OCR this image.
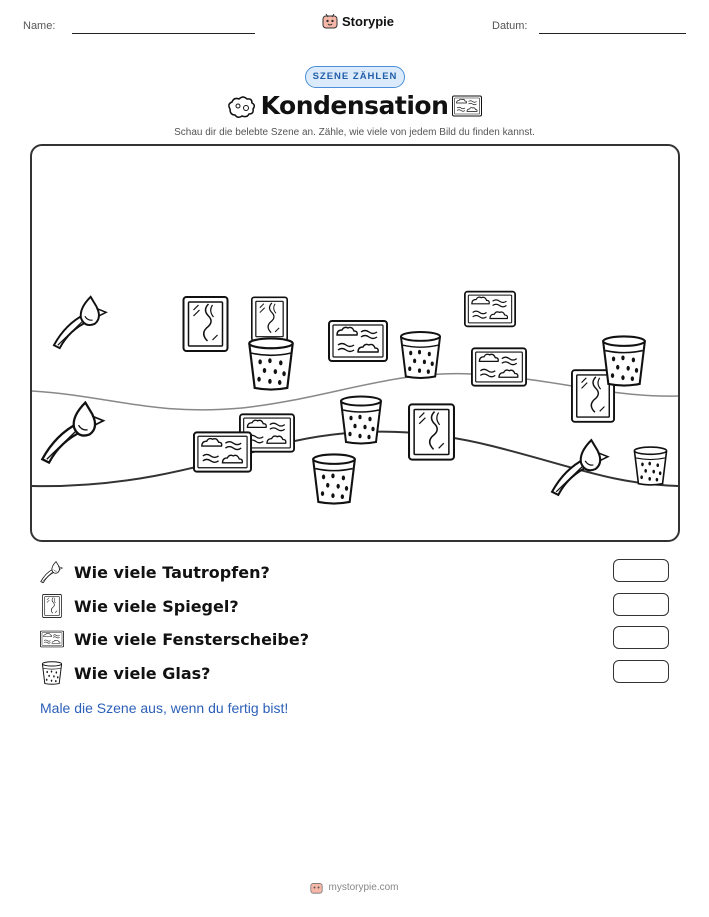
Name:	Storypie	Datum:
SZENE ZÄHLEN
Kondensation
Schau dir die belebte Szene an. Zähle, wie viele von jedem Bild du finden kannst.
Wie viele Tautropfen?
Wie viele Spiegel?
Wie viele Fensterscheibe?
Wie viele Glas?
Male die Szene aus, wenn du fertig bist!
mystorypie.com
